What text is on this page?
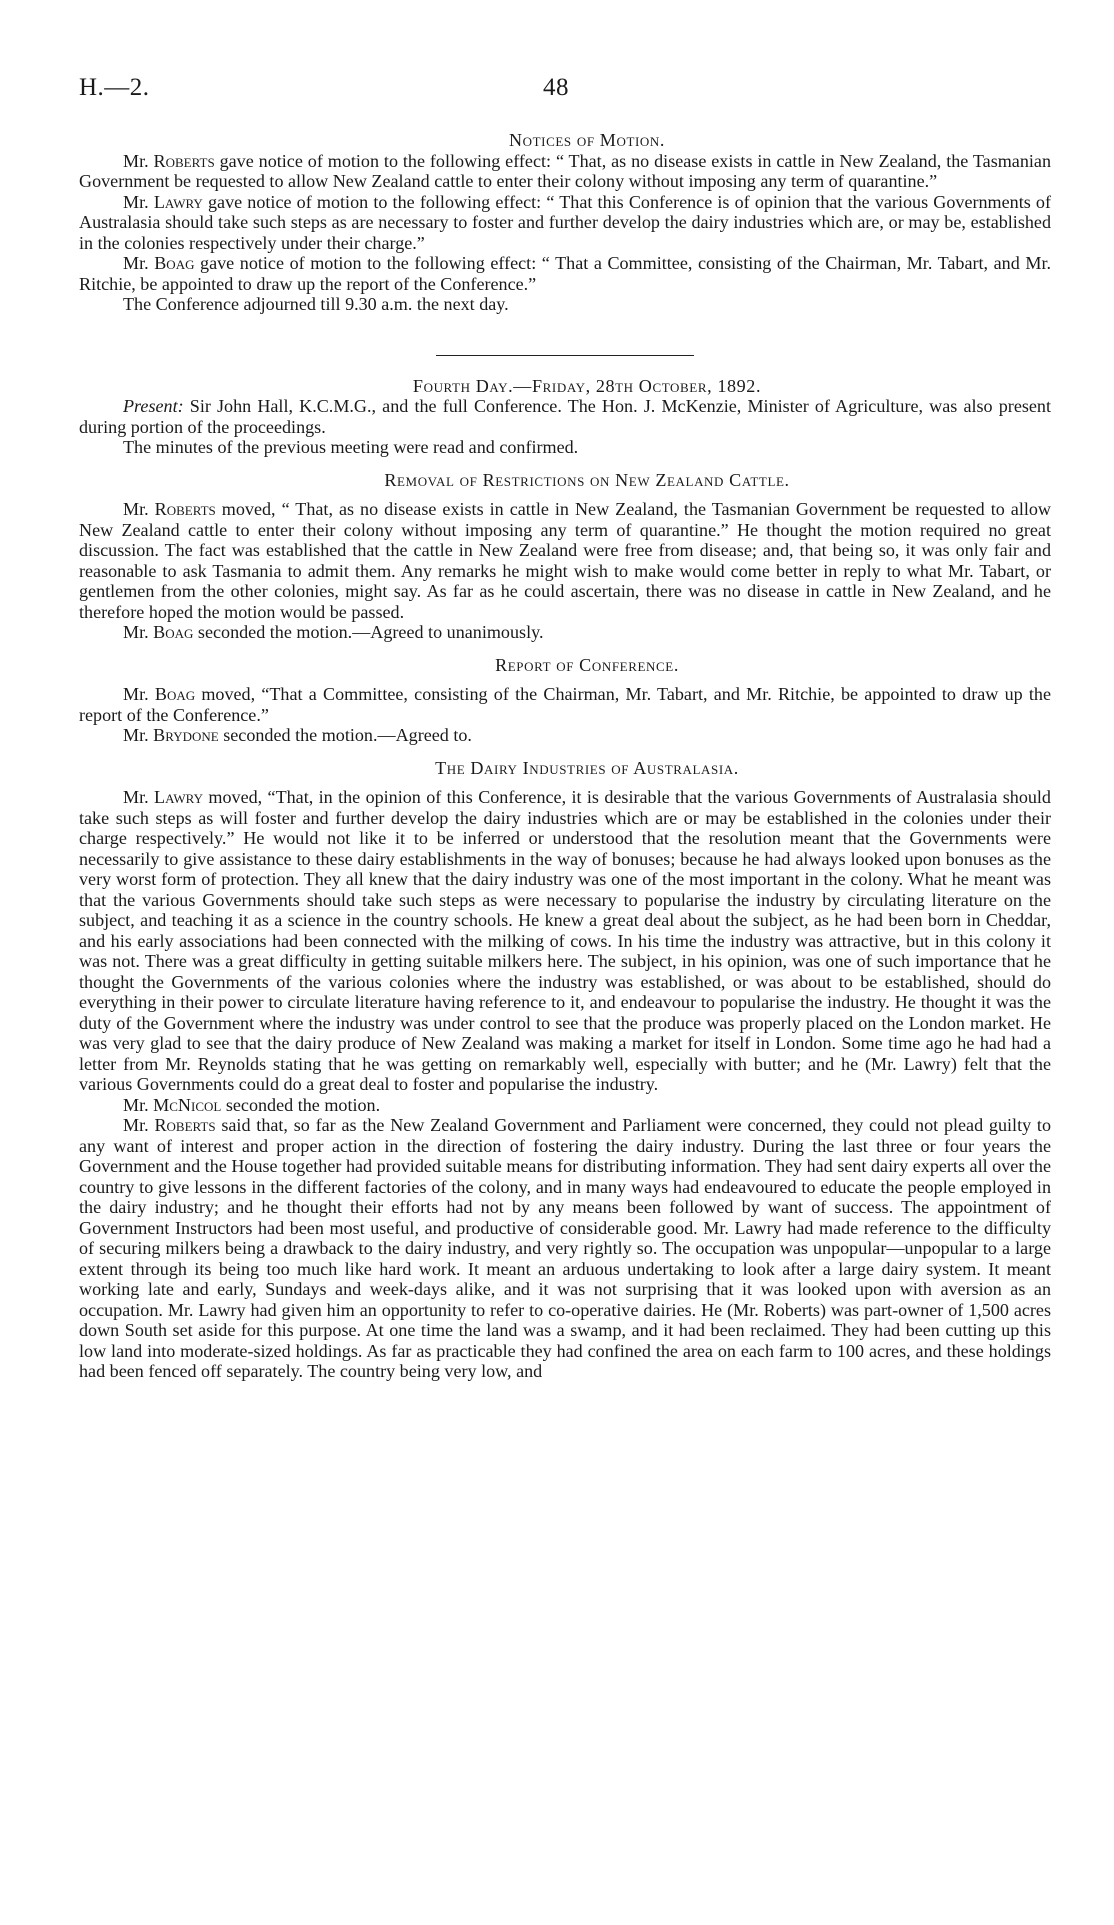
H.—2.	48

Notices of Motion.

Mr. Roberts gave notice of motion to the following effect: “ That, as no disease exists in cattle in New Zealand, the Tasmanian Government be requested to allow New Zealand cattle to enter their colony without imposing any term of quarantine.”

Mr. Lawry gave notice of motion to the following effect: “ That this Conference is of opinion that the various Governments of Australasia should take such steps as are necessary to foster and further develop the dairy industries which are, or may be, established in the colonies respectively under their charge.”

Mr. Boag gave notice of motion to the following effect: “ That a Committee, consisting of the Chairman, Mr. Tabart, and Mr. Ritchie, be appointed to draw up the report of the Conference.”

The Conference adjourned till 9.30 a.m. the next day.

Fourth Day.—Friday, 28th October, 1892.

Present: Sir John Hall, K.C.M.G., and the full Conference. The Hon. J. McKenzie, Minister of Agriculture, was also present during portion of the proceedings.

The minutes of the previous meeting were read and confirmed.

Removal of Restrictions on New Zealand Cattle.

Mr. Roberts moved, “ That, as no disease exists in cattle in New Zealand, the Tasmanian Government be requested to allow New Zealand cattle to enter their colony without imposing any term of quarantine.” He thought the motion required no great discussion. The fact was established that the cattle in New Zealand were free from disease; and, that being so, it was only fair and reasonable to ask Tasmania to admit them. Any remarks he might wish to make would come better in reply to what Mr. Tabart, or gentlemen from the other colonies, might say. As far as he could ascertain, there was no disease in cattle in New Zealand, and he therefore hoped the motion would be passed.

Mr. Boag seconded the motion.—Agreed to unanimously.

Report of Conference.

Mr. Boag moved, “That a Committee, consisting of the Chairman, Mr. Tabart, and Mr. Ritchie, be appointed to draw up the report of the Conference.”

Mr. Brydone seconded the motion.—Agreed to.

The Dairy Industries of Australasia.

Mr. Lawry moved, “That, in the opinion of this Conference, it is desirable that the various Governments of Australasia should take such steps as will foster and further develop the dairy industries which are or may be established in the colonies under their charge respectively.” He would not like it to be inferred or understood that the resolution meant that the Governments were necessarily to give assistance to these dairy establishments in the way of bonuses; because he had always looked upon bonuses as the very worst form of protection. They all knew that the dairy industry was one of the most important in the colony. What he meant was that the various Governments should take such steps as were necessary to popularise the industry by circulating literature on the subject, and teaching it as a science in the country schools. He knew a great deal about the subject, as he had been born in Cheddar, and his early associations had been connected with the milking of cows. In his time the industry was attractive, but in this colony it was not. There was a great difficulty in getting suitable milkers here. The subject, in his opinion, was one of such importance that he thought the Governments of the various colonies where the industry was established, or was about to be established, should do everything in their power to circulate literature having reference to it, and endeavour to popularise the industry. He thought it was the duty of the Government where the industry was under control to see that the produce was properly placed on the London market. He was very glad to see that the dairy produce of New Zealand was making a market for itself in London. Some time ago he had had a letter from Mr. Reynolds stating that he was getting on remarkably well, especially with butter; and he (Mr. Lawry) felt that the various Governments could do a great deal to foster and popularise the industry.

Mr. McNicol seconded the motion.

Mr. Roberts said that, so far as the New Zealand Government and Parliament were concerned, they could not plead guilty to any want of interest and proper action in the direction of fostering the dairy industry. During the last three or four years the Government and the House together had provided suitable means for distributing information. They had sent dairy experts all over the country to give lessons in the different factories of the colony, and in many ways had endeavoured to educate the people employed in the dairy industry; and he thought their efforts had not by any means been followed by want of success. The appointment of Government Instructors had been most useful, and productive of considerable good. Mr. Lawry had made reference to the difficulty of securing milkers being a drawback to the dairy industry, and very rightly so. The occupation was unpopular—unpopular to a large extent through its being too much like hard work. It meant an arduous undertaking to look after a large dairy system. It meant working late and early, Sundays and week-days alike, and it was not surprising that it was looked upon with aversion as an occupation. Mr. Lawry had given him an opportunity to refer to co-operative dairies. He (Mr. Roberts) was part-owner of 1,500 acres down South set aside for this purpose. At one time the land was a swamp, and it had been reclaimed. They had been cutting up this low land into moderate-sized holdings. As far as practicable they had confined the area on each farm to 100 acres, and these holdings had been fenced off separately. The country being very low, and
